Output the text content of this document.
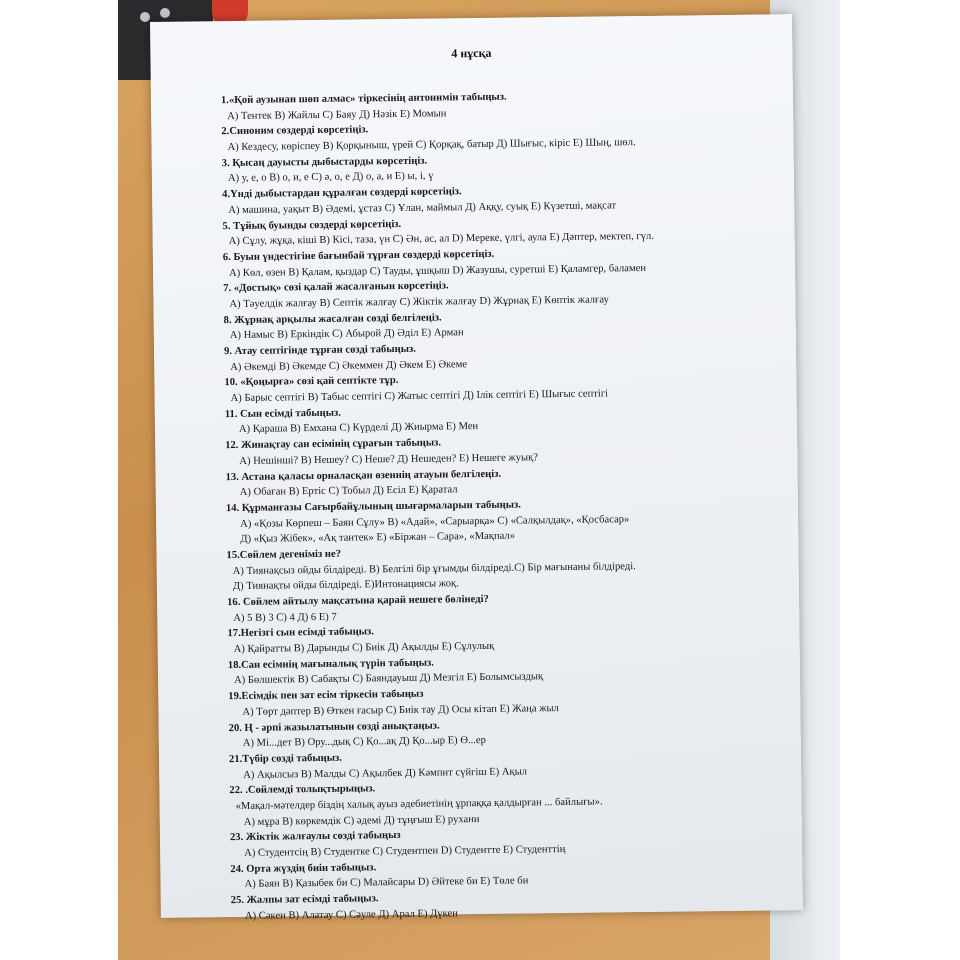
4 нұсқа
1.«Қой аузынан шөп алмас» тіркесінің антонимін табыңыз.
A) Тентек B) Жайлы C) Баяу Д) Нәзік E) Момын
2.Синоним сөздерді көрсетіңіз.
A) Кездесу, көріспеу B) Қорқыныш, үрей C) Қорқақ, батыр Д) Шығыс, кіріс E) Шың, шөл.
3. Қысаң дауысты дыбыстарды көрсетіңіз.
A) у, е, о B) о, и, е C) ә, о, е Д) о, а, и E) ы, і, ү
4.Үнді дыбыстардан құралған сөздерді көрсетіңіз.
A) машина, уақыт B) Әдемі, ұстаз C) Ұлан, маймыл Д) Аққу, суық E) Күзетші, мақсат
5. Тұйық буынды сөздерді көрсетіңіз.
A) Сұлу, жұқа, кіші B) Кісі, таза, үн C) Ән, ас, ал D) Мереке, үлгі, аула E) Дәптер, мектеп, гүл.
6. Буын үндестігіне бағынбай тұрған сөздерді көрсетіңіз.
A) Көл, өзен B) Қалам, қыздар C) Тауды, ұшқыш D) Жазушы, суретші E) Қаламгер, баламен
7. «Достық» сөзі қалай жасалғанын көрсетіңіз.
A) Тәуелдік жалғау B) Септік жалғау C) Жіктік жалғау D) Жұрнақ E) Көптік жалғау
8. Жұрнақ арқылы жасалған сөзді белгілеңіз.
A) Намыс B) Еркіндік C) Абырой Д) Әділ E) Арман
9. Атау септігінде тұрған сөзді табыңыз.
A) Әкемді B) Әкемде C) Әкеммен Д) Әкем E) Әкеме
10. «Қоңырға» сөзі қай септікте тұр.
A) Барыс септігі B) Табыс септігі C) Жатыс септігі Д) Ілік септігі E) Шығыс септігі
11. Сын есімді табыңыз.
A) Қараша B) Емхана C) Күрделі Д) Жиырма E) Мен
12. Жинақтау сан есімінің сұрағын табыңыз.
A) Нешінші? B) Нешеу? C) Неше? Д) Нешеден? E) Нешеге жуық?
13. Астана қаласы орналасқан өзеннің атауын белгілеңіз.
A) Обаған B) Ертіс C) Тобыл Д) Есіл E) Қаратал
14. Құрманғазы Сағырбайұлының шығармаларын табыңыз.
A) «Қозы Көрпеш – Баян Сұлу» B) «Адай», «Сарыарқа» C) «Салқылдақ», «Қосбасар»
Д) «Қыз Жібек», «Ақ тантек» E) «Біржан – Сара», «Мақпал»
15.Сөйлем дегеніміз не?
A) Тиянақсыз ойды білдіреді. B) Белгілі бір ұғымды білдіреді.C) Бір мағынаны білдіреді.
Д) Тиянақты ойды білдіреді. E)Интонациясы жоқ.
16. Сөйлем айтылу мақсатына қарай нешеге бөлінеді?
A) 5 B) 3 C) 4 Д) 6 E) 7
17.Негізгі сын есімді табыңыз.
A) Қайратты B) Дарынды C) Биік Д) Ақылды E) Сұлулық
18.Сан есімнің мағыналық түрін табыңыз.
A) Бөлшектік B) Сабақты C) Баяндауыш Д) Мезгіл E) Болымсыздық
19.Есімдік пен зат есім тіркесін табыңыз
A) Төрт дәптер B) Өткен ғасыр C) Биік тау Д) Осы кітап E) Жаңа жыл
20. Ң - әрпі жазылатынын сөзді анықтаңыз.
A) Мі...дет B) Ору...дық C) Қо...ақ Д) Қо...ыр E) Ө...ер
21.Түбір сөзді табыңыз.
A) Ақылсыз B) Малды C) Ақылбек Д) Кәмпит сүйгіш E) Ақыл
22. .Сөйлемді толықтырыңыз.
«Мақал-мәтелдер біздің халық ауыз әдебиетінің ұрпаққа қалдырған ... байлығы».
A) мұра B) көркемдік C) әдемі Д) тұңғыш E) рухани
23. Жіктік жалғаулы сөзді табыңыз
A) Студентсің B) Студентке C) Студентпен D) Студентте E) Студенттің
24. Орта жүздің биін табыңыз.
A) Баян B) Қазыбек би C) Малайсары D) Әйтеке би E) Төле би
25. Жалпы зат есімді табыңыз.
A) Сәкен B) Алатау C) Сәуле Д) Арал E) Дүкен
